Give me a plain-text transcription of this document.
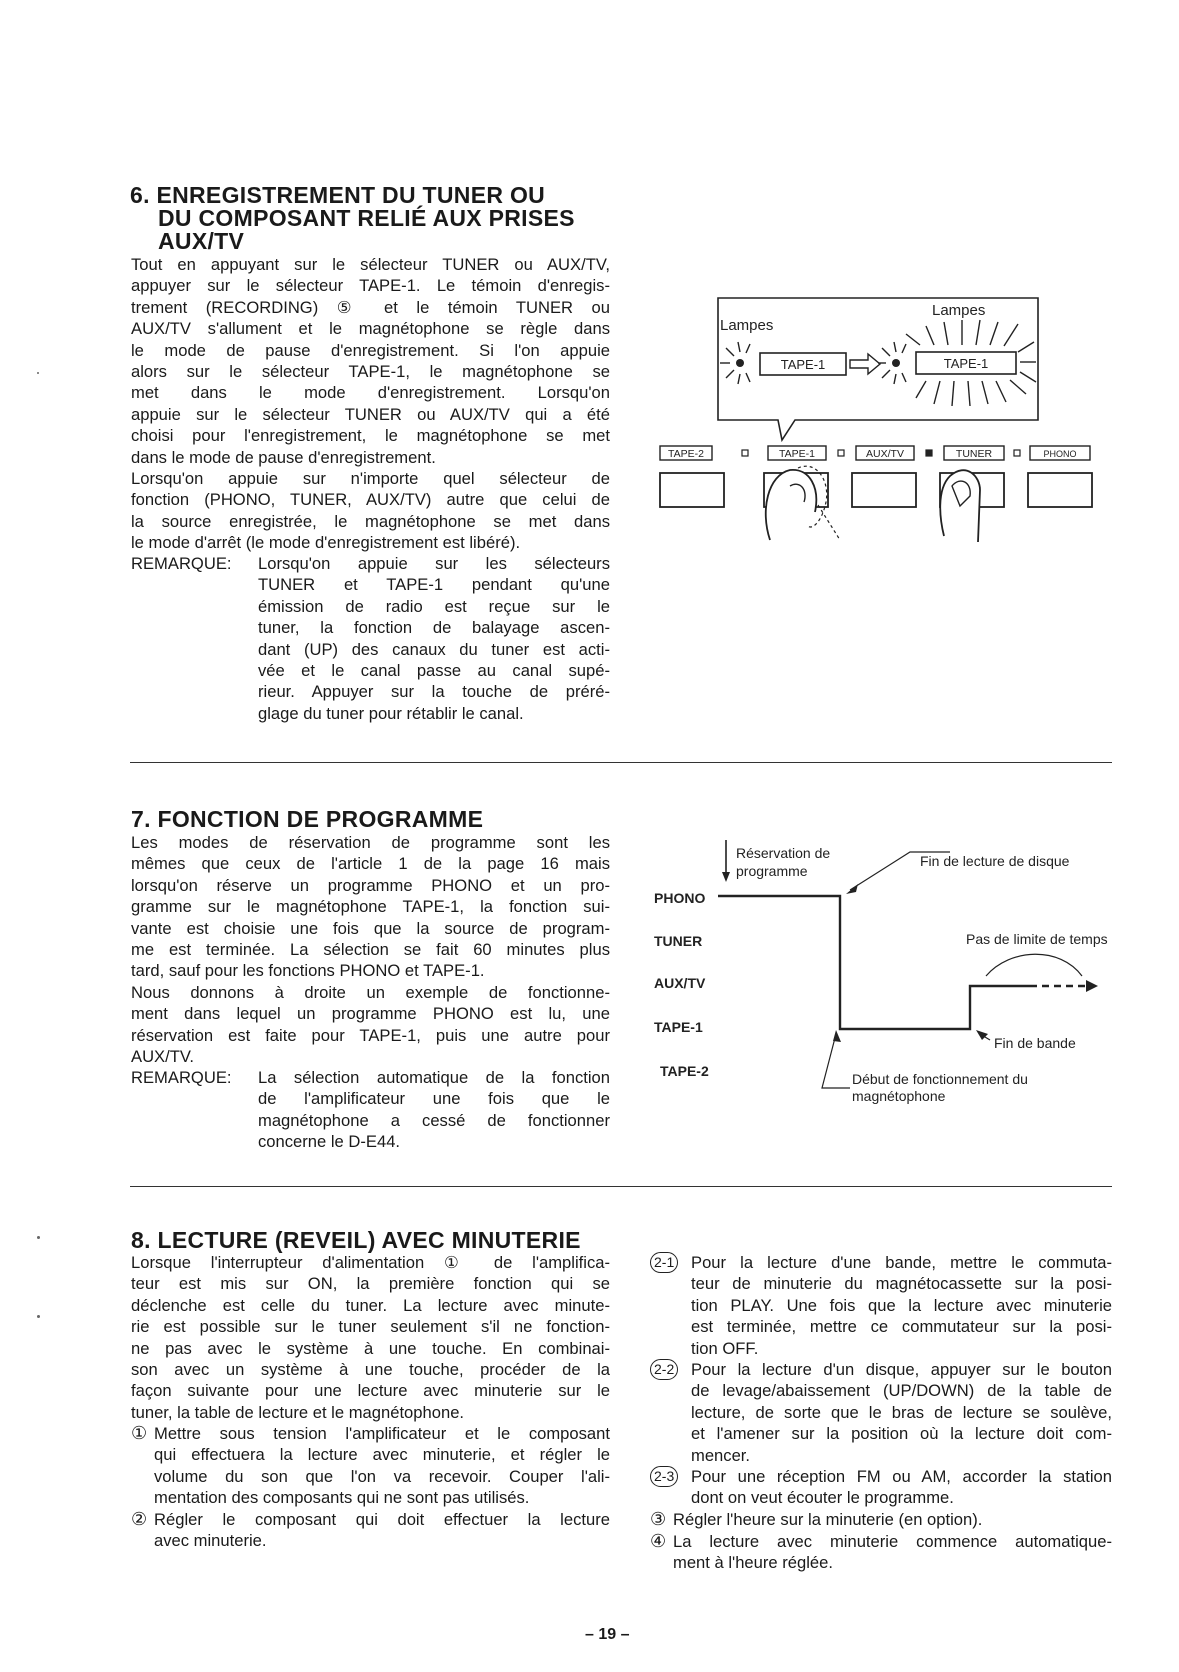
6. ENREGISTREMENT DU TUNER OU
DU COMPOSANT RELIÉ AUX PRISES
AUX/TV
Tout en appuyant sur le sélecteur TUNER ou AUX/TV,
appuyer sur le sélecteur TAPE-1. Le témoin d'enregis-
trement (RECORDING) ⑤ et le témoin TUNER ou
AUX/TV s'allument et le magnétophone se règle dans
le mode de pause d'enregistrement. Si l'on appuie
alors sur le sélecteur TAPE-1, le magnétophone se
met dans le mode d'enregistrement. Lorsqu'on
appuie sur le sélecteur TUNER ou AUX/TV qui a été
choisi pour l'enregistrement, le magnétophone se met
dans le mode de pause d'enregistrement.
Lorsqu'on appuie sur n'importe quel sélecteur de
fonction (PHONO, TUNER, AUX/TV) autre que celui de
la source enregistrée, le magnétophone se met dans
le mode d'arrêt (le mode d'enregistrement est libéré).
REMARQUE: Lorsqu'on appuie sur les sélecteurs
TUNER et TAPE-1 pendant qu'une
émission de radio est reçue sur le
tuner, la fonction de balayage ascen-
dant (UP) des canaux du tuner est acti-
vée et le canal passe au canal supé-
rieur. Appuyer sur la touche de préré-
glage du tuner pour rétablir le canal.
Lampes
Lampes
TAPE-1	TAPE-1
TAPE-2	TAPE-1	AUX/TV	TUNER	PHONO
7. FONCTION DE PROGRAMME
Les modes de réservation de programme sont les
mêmes que ceux de l'article 1 de la page 16 mais
lorsqu'on réserve un programme PHONO et un pro-
gramme sur le magnétophone TAPE-1, la fonction sui-
vante est choisie une fois que la source de program-
me est terminée. La sélection se fait 60 minutes plus
tard, sauf pour les fonctions PHONO et TAPE-1.
Nous donnons à droite un exemple de fonctionne-
ment dans lequel un programme PHONO est lu, une
réservation est faite pour TAPE-1, puis une autre pour
AUX/TV.
REMARQUE: La sélection automatique de la fonction
de l'amplificateur une fois que le
magnétophone a cessé de fonctionner
concerne le D-E44.
PHONO
TUNER
AUX/TV
TAPE-1
TAPE-2
Réservation de
programme
Fin de lecture de disque
Pas de limite de temps
Fin de bande
Début de fonctionnement du
magnétophone
8. LECTURE (REVEIL) AVEC MINUTERIE
Lorsque l'interrupteur d'alimentation ① de l'amplifica-
teur est mis sur ON, la première fonction qui se
déclenche est celle du tuner. La lecture avec minute-
rie est possible sur le tuner seulement s'il ne fonction-
ne pas avec le système à une touche. En combinai-
son avec un système à une touche, procéder de la
façon suivante pour une lecture avec minuterie sur le
tuner, la table de lecture et le magnétophone.
① Mettre sous tension l'amplificateur et le composant
qui effectuera la lecture avec minuterie, et régler le
volume du son que l'on va recevoir. Couper l'ali-
mentation des composants qui ne sont pas utilisés.
② Régler le composant qui doit effectuer la lecture
avec minuterie.
2-1 Pour la lecture d'une bande, mettre le commuta-
teur de minuterie du magnétocassette sur la posi-
tion PLAY. Une fois que la lecture avec minuterie
est terminée, mettre ce commutateur sur la posi-
tion OFF.
2-2 Pour la lecture d'un disque, appuyer sur le bouton
de levage/abaissement (UP/DOWN) de la table de
lecture, de sorte que le bras de lecture se soulève,
et l'amener sur la position où la lecture doit com-
mencer.
2-3 Pour une réception FM ou AM, accorder la station
dont on veut écouter le programme.
③ Régler l'heure sur la minuterie (en option).
④ La lecture avec minuterie commence automatique-
ment à l'heure réglée.
– 19 –
